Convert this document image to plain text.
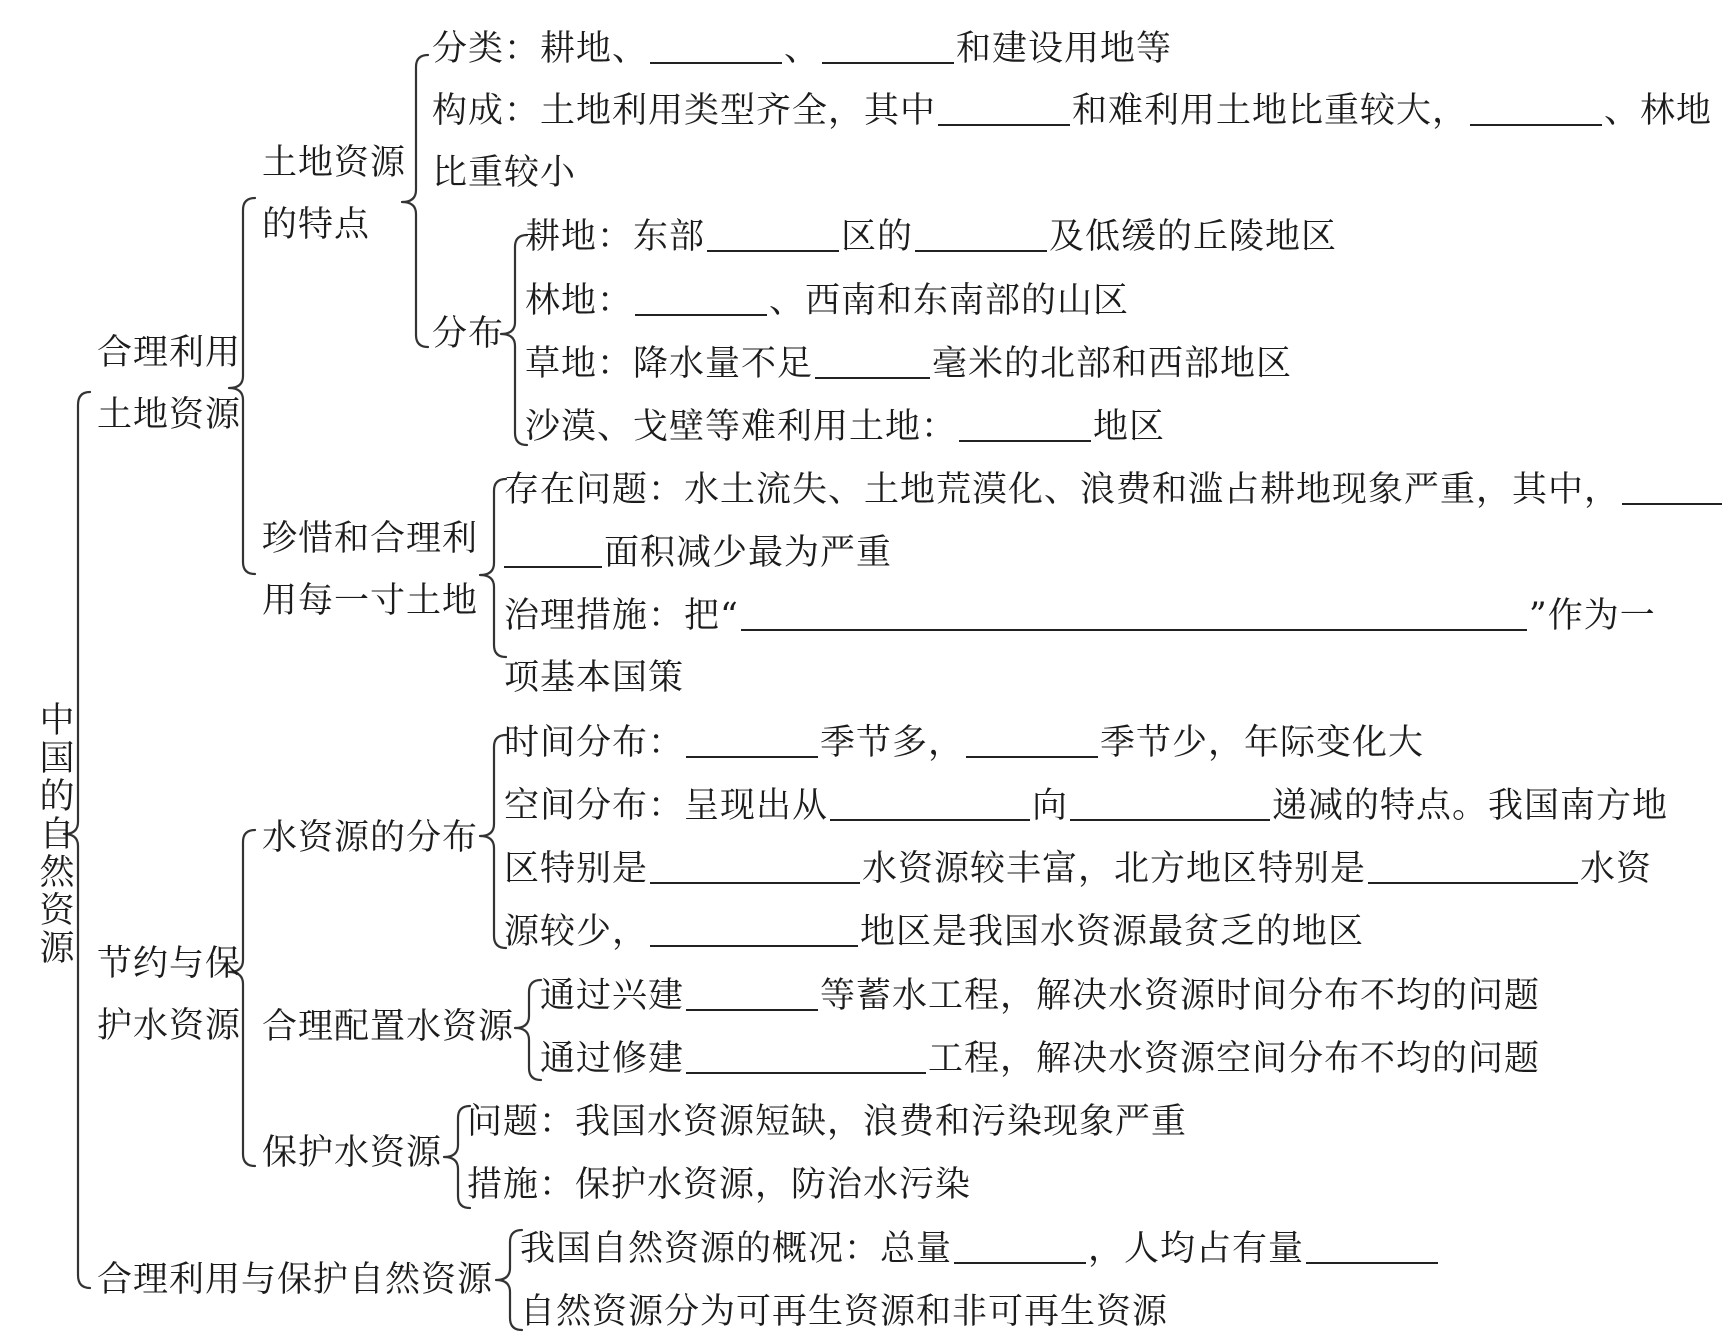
中国的自然资源
合理利用
土地资源
土地资源
的特点
分类：耕地、	、	和建设用地等
构成：土地利用类型齐全，其中	和难利用土地比重较大，	、林地
比重较小
分布
耕地：东部	区的	及低缓的丘陵地区
林地：	、西南和东南部的山区
草地：降水量不足	毫米的北部和西部地区
沙漠、戈壁等难利用土地：	地区
珍惜和合理利
用每一寸土地
存在问题：水土流失、土地荒漠化、浪费和滥占耕地现象严重，其中，
面积减少最为严重
治理措施：把“	”作为一
项基本国策
节约与保
护水资源
水资源的分布
时间分布：	季节多，	季节少，年际变化大
空间分布：呈现出从	向	递减的特点。我国南方地
区特别是	水资源较丰富，北方地区特别是	水资
源较少，	地区是我国水资源最贫乏的地区
合理配置水资源
通过兴建	等蓄水工程，解决水资源时间分布不均的问题
通过修建	工程，解决水资源空间分布不均的问题
保护水资源
问题：我国水资源短缺，浪费和污染现象严重
措施：保护水资源，防治水污染
合理利用与保护自然资源
我国自然资源的概况：总量	，人均占有量
自然资源分为可再生资源和非可再生资源
